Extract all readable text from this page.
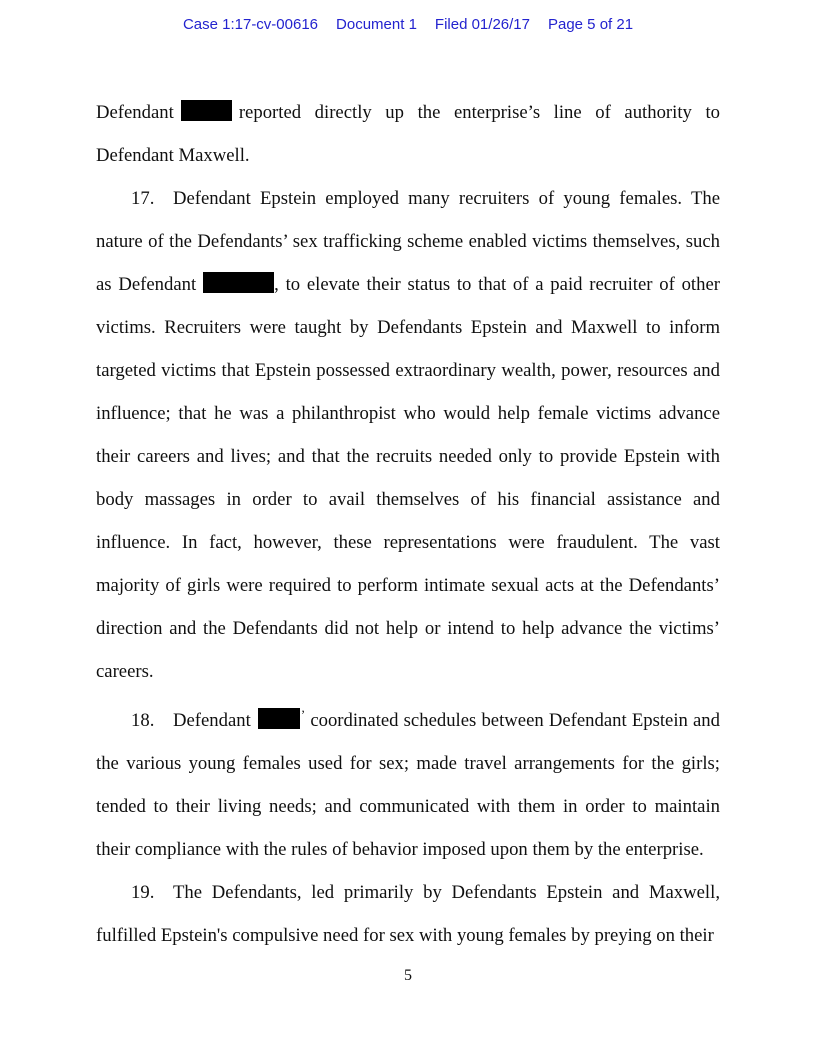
Case 1:17-cv-00616 Document 1 Filed 01/26/17 Page 5 of 21

Defendant	reported directly up the enterprise’s line of authority to Defendant Maxwell.

17. Defendant Epstein employed many recruiters of young females. The nature of the Defendants’ sex trafficking scheme enabled victims themselves, such as Defendant	, to elevate their status to that of a paid recruiter of other victims. Recruiters were taught by Defendants Epstein and Maxwell to inform targeted victims that Epstein possessed extraordinary wealth, power, resources and influence; that he was a philanthropist who would help female victims advance their careers and lives; and that the recruits needed only to provide Epstein with body massages in order to avail themselves of his financial assistance and influence. In fact, however, these representations were fraudulent. The vast majority of girls were required to perform intimate sexual acts at the Defendants’ direction and the Defendants did not help or intend to help advance the victims’ careers.

18. Defendant	’ coordinated schedules between Defendant Epstein and the various young females used for sex; made travel arrangements for the girls; tended to their living needs; and communicated with them in order to maintain their compliance with the rules of behavior imposed upon them by the enterprise.

19. The Defendants, led primarily by Defendants Epstein and Maxwell, fulfilled Epstein's compulsive need for sex with young females by preying on their

5
